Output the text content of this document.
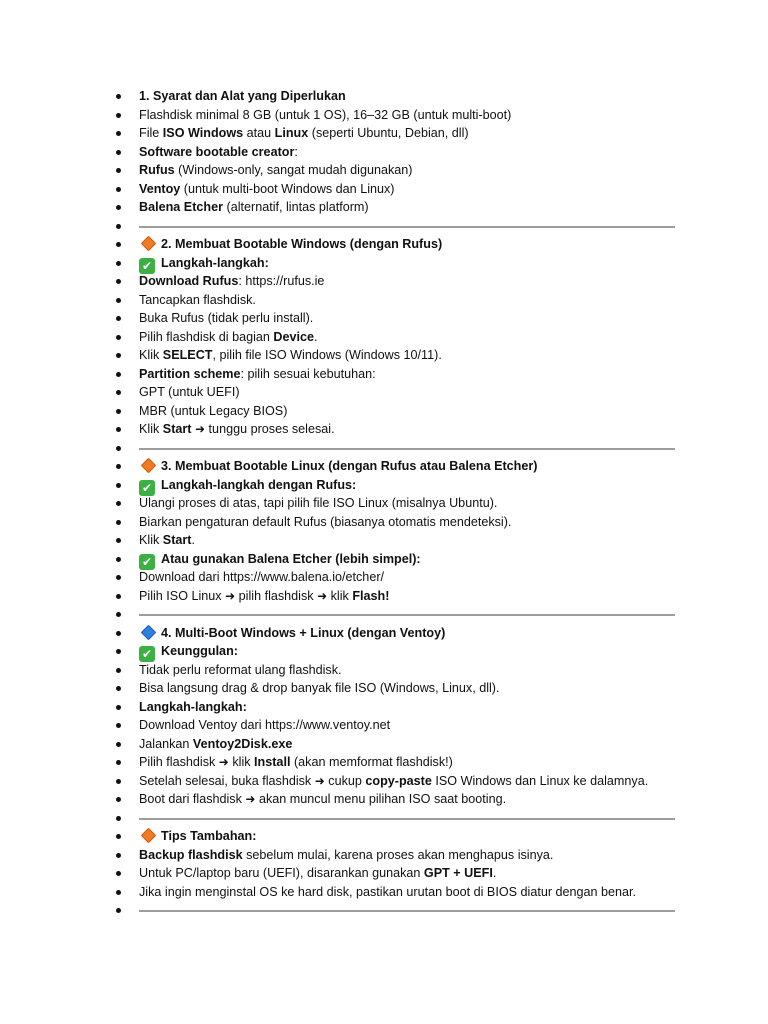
1. Syarat dan Alat yang Diperlukan
Flashdisk minimal 8 GB (untuk 1 OS), 16–32 GB (untuk multi-boot)
File ISO Windows atau Linux (seperti Ubuntu, Debian, dll)
Software bootable creator:
Rufus (Windows-only, sangat mudah digunakan)
Ventoy (untuk multi-boot Windows dan Linux)
Balena Etcher (alternatif, lintas platform)
2. Membuat Bootable Windows (dengan Rufus)
✔ Langkah-langkah:
Download Rufus: https://rufus.ie
Tancapkan flashdisk.
Buka Rufus (tidak perlu install).
Pilih flashdisk di bagian Device.
Klik SELECT, pilih file ISO Windows (Windows 10/11).
Partition scheme: pilih sesuai kebutuhan:
GPT (untuk UEFI)
MBR (untuk Legacy BIOS)
Klik Start ➜ tunggu proses selesai.
3. Membuat Bootable Linux (dengan Rufus atau Balena Etcher)
✔ Langkah-langkah dengan Rufus:
Ulangi proses di atas, tapi pilih file ISO Linux (misalnya Ubuntu).
Biarkan pengaturan default Rufus (biasanya otomatis mendeteksi).
Klik Start.
✔ Atau gunakan Balena Etcher (lebih simpel):
Download dari https://www.balena.io/etcher/
Pilih ISO Linux ➜ pilih flashdisk ➜ klik Flash!
4. Multi-Boot Windows + Linux (dengan Ventoy)
✔ Keunggulan:
Tidak perlu reformat ulang flashdisk.
Bisa langsung drag & drop banyak file ISO (Windows, Linux, dll).
Langkah-langkah:
Download Ventoy dari https://www.ventoy.net
Jalankan Ventoy2Disk.exe
Pilih flashdisk ➜ klik Install (akan memformat flashdisk!)
Setelah selesai, buka flashdisk ➜ cukup copy-paste ISO Windows dan Linux ke dalamnya.
Boot dari flashdisk ➜ akan muncul menu pilihan ISO saat booting.
Tips Tambahan:
Backup flashdisk sebelum mulai, karena proses akan menghapus isinya.
Untuk PC/laptop baru (UEFI), disarankan gunakan GPT + UEFI.
Jika ingin menginstal OS ke hard disk, pastikan urutan boot di BIOS diatur dengan benar.
